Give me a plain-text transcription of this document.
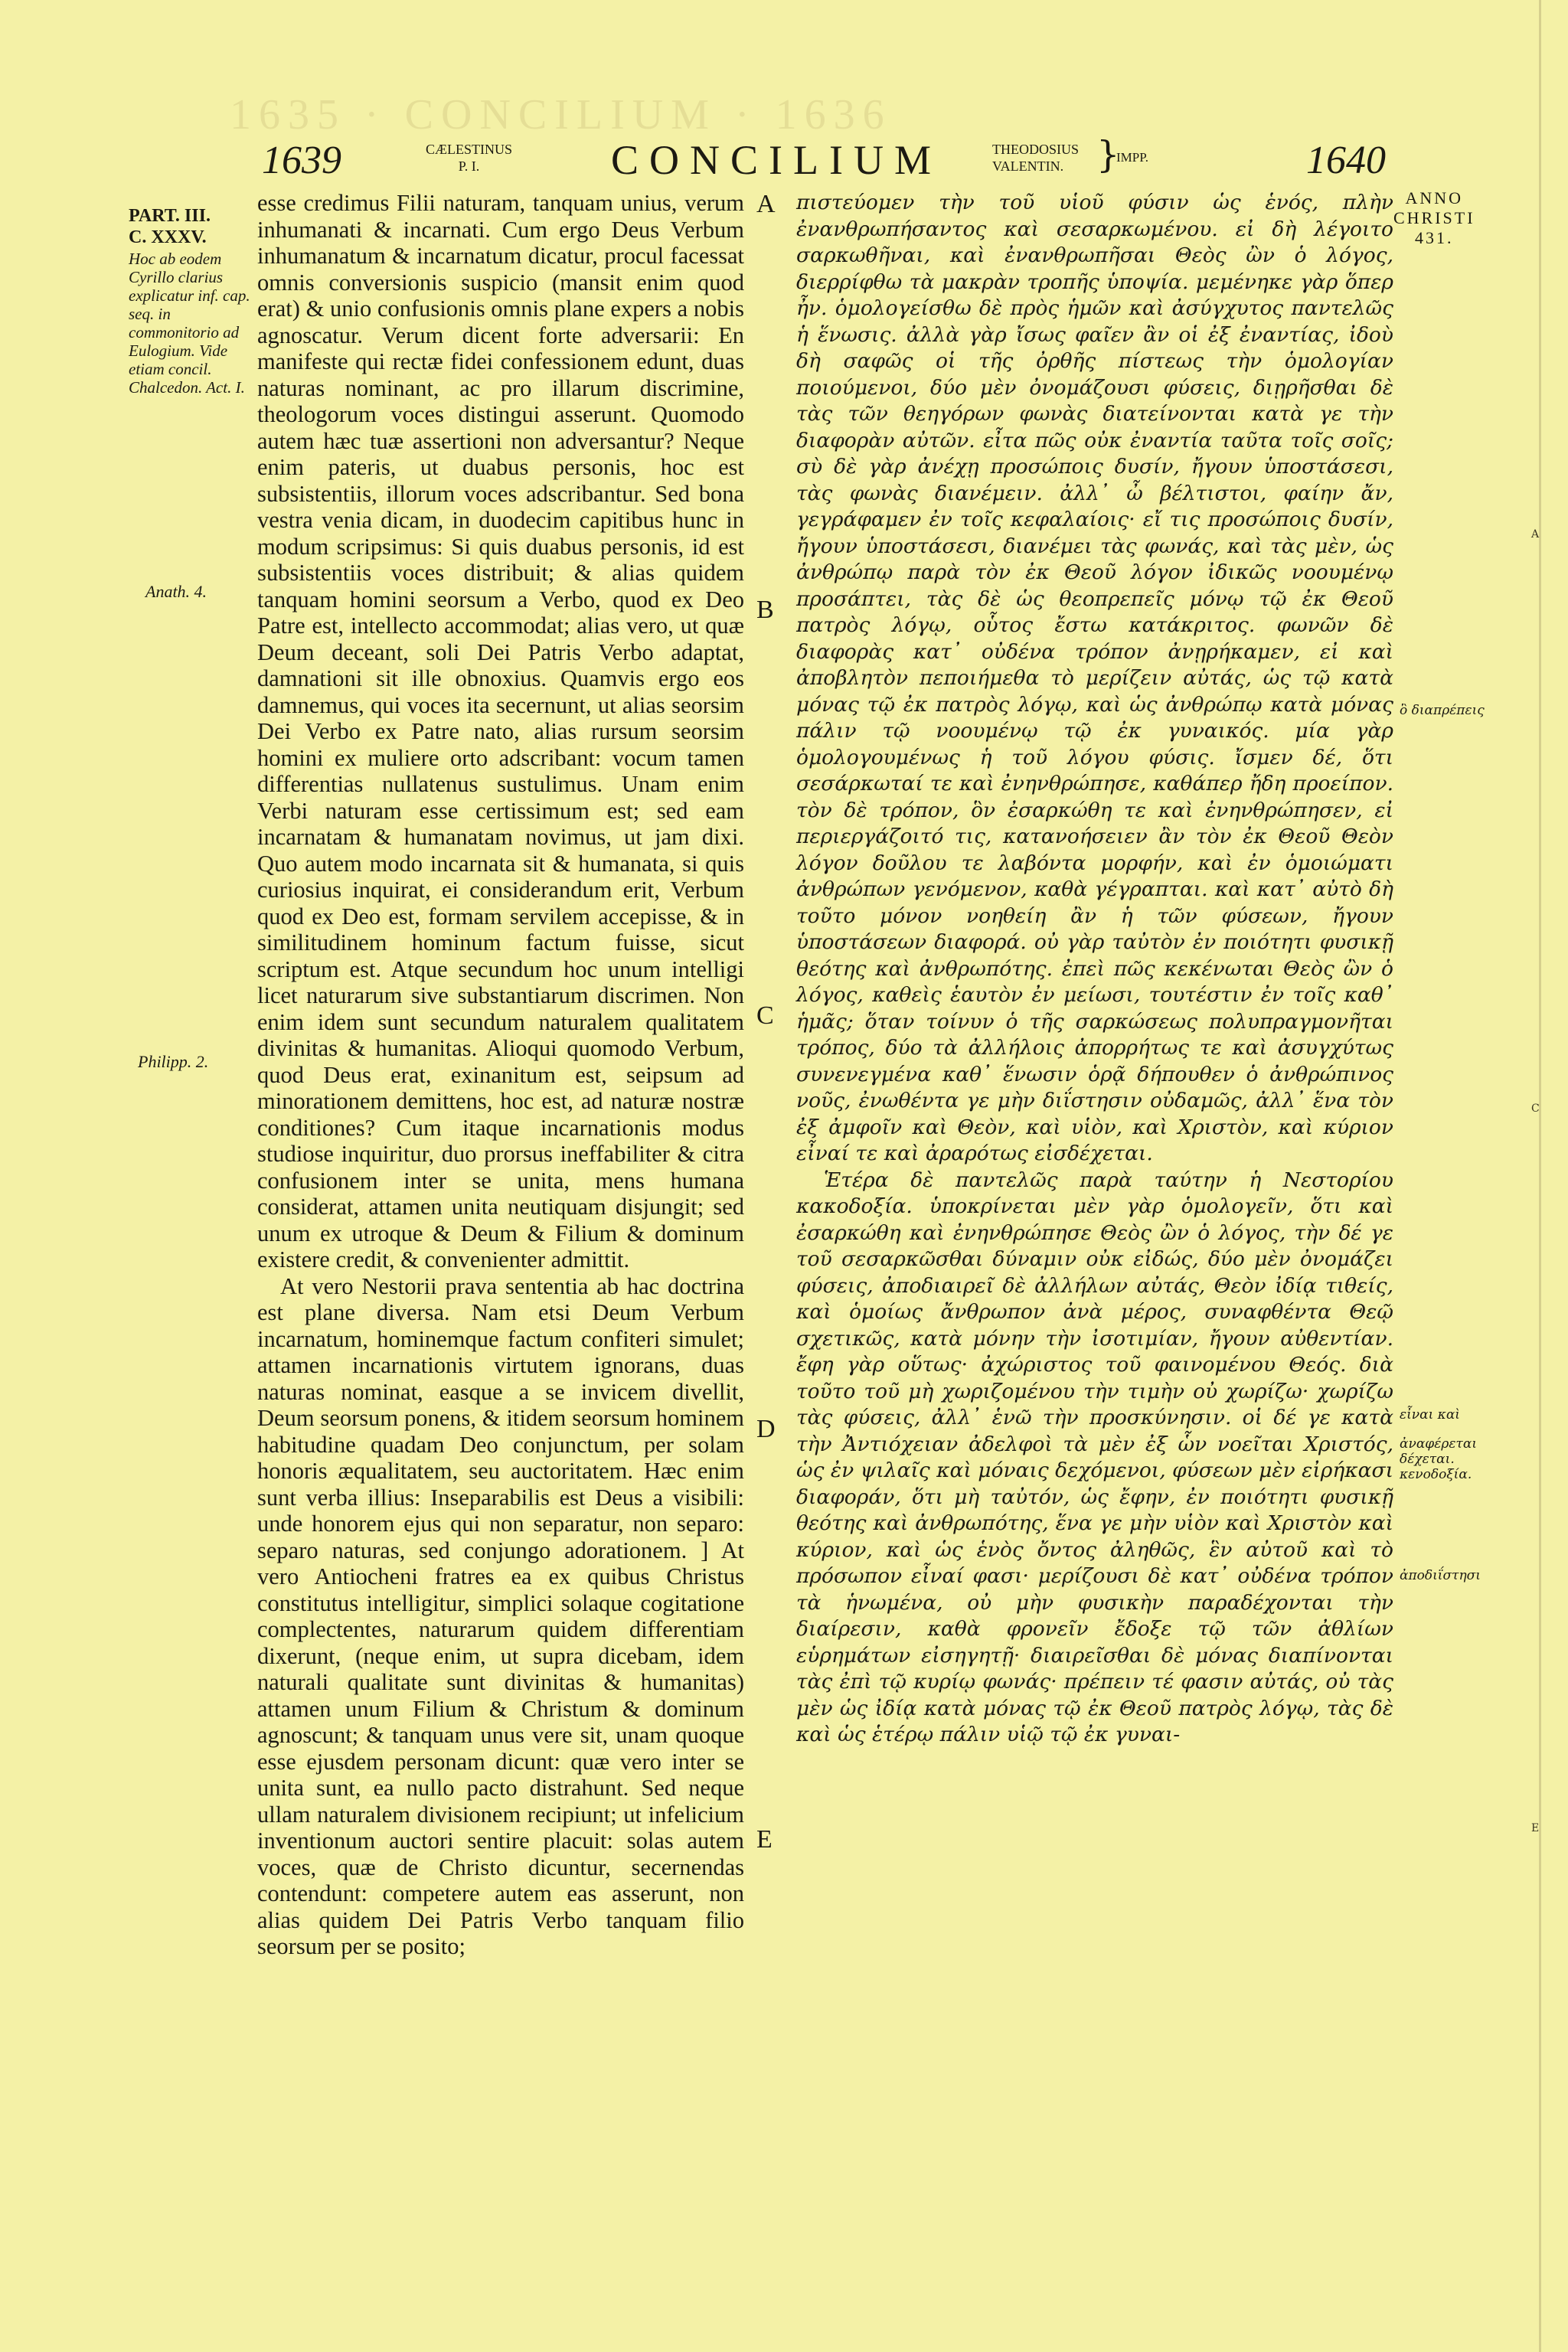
1635 · CONCILIUM · 1636
1639	CÆLESTINUS
P. I.	CONCILIUM	THEODOSIUS
VALENTIN. }
IMPP.	1640
ANNO
CHRISTI
431.
PART. III.
C. XXXV.
Hoc ab eodem Cyrillo clarius explicatur inf. cap. seq. in commonitorio ad Eulogium. Vide etiam concil. Chalcedon. Act. I.
Anath. 4.
Philipp. 2.

esse credimus Filii naturam, tanquam unius, verum inhumanati & incarnati. Cum ergo Deus Verbum inhumanatum & incarnatum dicatur, procul facessat omnis conversionis suspicio (mansit enim quod erat) & unio confusionis omnis plane expers a nobis agnoscatur. Verum dicent forte adversarii: En manifeste qui rectæ fidei confessionem edunt, duas naturas nominant, ac pro illarum discrimine, theologorum voces distingui asserunt. Quomodo autem hæc tuæ assertioni non adversantur? Neque enim pateris, ut duabus personis, hoc est subsistentiis, illorum voces adscribantur. Sed bona vestra venia dicam, in duodecim capitibus hunc in modum scripsimus: Si quis duabus personis, id est subsistentiis voces distribuit; & alias quidem tanquam homini seorsum a Verbo, quod ex Deo Patre est, intellecto accommodat; alias vero, ut quæ Deum deceant, soli Dei Patris Verbo adaptat, damnationi sit ille obnoxius. Quamvis ergo eos damnemus, qui voces ita secernunt, ut alias seorsim Dei Verbo ex Patre nato, alias rursum seorsim homini ex muliere orto adscribant: vocum tamen differentias nullatenus sustulimus. Unam enim Verbi naturam esse certissimum est; sed eam incarnatam & humanatam novimus, ut jam dixi. Quo autem modo incarnata sit & humanata, si quis curiosius inquirat, ei considerandum erit, Verbum quod ex Deo est, formam servilem accepisse, & in similitudinem hominum factum fuisse, sicut scriptum est. Atque secundum hoc unum intelligi licet naturarum sive substantiarum discrimen. Non enim idem sunt secundum naturalem qualitatem divinitas & humanitas. Alioqui quomodo Verbum, quod Deus erat, exinanitum est, seipsum ad minorationem demittens, hoc est, ad naturæ nostræ conditiones? Cum itaque incarnationis modus studiose inquiritur, duo prorsus ineffabiliter & citra confusionem inter se unita, mens humana considerat, attamen unita neutiquam disjungit; sed unum ex utroque & Deum & Filium & dominum existere credit, & convenienter admittit.

At vero Nestorii prava sententia ab hac doctrina est plane diversa. Nam etsi Deum Verbum incarnatum, hominemque factum confiteri simulet; attamen incarnationis virtutem ignorans, duas naturas nominat, easque a se invicem divellit, Deum seorsum ponens, & itidem seorsum hominem habitudine quadam Deo conjunctum, per solam honoris æqualitatem, seu auctoritatem. Hæc enim sunt verba illius: Inseparabilis est Deus a visibili: unde honorem ejus qui non separatur, non separo: separo naturas, sed conjungo adorationem. ] At vero Antiocheni fratres ea ex quibus Christus constitutus intelligitur, simplici solaque cogitatione complectentes, naturarum quidem differentiam dixerunt, (neque enim, ut supra dicebam, idem naturali qualitate sunt divinitas & humanitas) attamen unum Filium & Christum & dominum agnoscunt; & tanquam unus vere sit, unam quoque esse ejusdem personam dicunt: quæ vero inter se unita sunt, ea nullo pacto distrahunt. Sed neque ullam naturalem divisionem recipiunt; ut infelicium inventionum auctori sentire placuit: solas autem voces, quæ de Christo dicuntur, secernendas contendunt: competere autem eas asserunt, non alias quidem Dei Patris Verbo tanquam filio seorsum per se posito;

A
B
C
D
E

πιστεύομεν τὴν τοῦ υἱοῦ φύσιν ὡς ἑνός, πλὴν ἐνανθρωπήσαντος καὶ σεσαρκωμένου. εἰ δὴ λέγοιτο σαρκωθῆναι, καὶ ἐνανθρωπῆσαι Θεὸς ὢν ὁ λόγος, διερρίφθω τὰ μακρὰν τροπῆς ὑποψία. μεμένηκε γὰρ ὅπερ ἦν. ὁμολογείσθω δὲ πρὸς ἡμῶν καὶ ἀσύγχυτος παντελῶς ἡ ἕνωσις. ἀλλὰ γὰρ ἴσως φαῖεν ἂν οἱ ἐξ ἐναντίας, ἰδοὺ δὴ σαφῶς οἱ τῆς ὀρθῆς πίστεως τὴν ὁμολογίαν ποιούμενοι, δύο μὲν ὀνομάζουσι φύσεις, διῃρῆσθαι δὲ τὰς τῶν θεηγόρων φωνὰς διατείνονται κατὰ γε τὴν διαφορὰν αὐτῶν. εἶτα πῶς οὐκ ἐναντία ταῦτα τοῖς σοῖς; σὺ δὲ γὰρ ἀνέχῃ προσώποις δυσίν, ἤγουν ὑποστάσεσι, τὰς φωνὰς διανέμειν. ἀλλ᾽ ὦ βέλτιστοι, φαίην ἄν, γεγράφαμεν ἐν τοῖς κεφαλαίοις· εἴ τις προσώποις δυσίν, ἤγουν ὑποστάσεσι, διανέμει τὰς φωνάς, καὶ τὰς μὲν, ὡς ἀνθρώπῳ παρὰ τὸν ἐκ Θεοῦ λόγον ἰδικῶς νοουμένῳ προσάπτει, τὰς δὲ ὡς θεοπρεπεῖς μόνῳ τῷ ἐκ Θεοῦ πατρὸς λόγῳ, οὗτος ἔστω κατάκριτος. φωνῶν δὲ διαφορὰς κατ᾽ οὐδένα τρόπον ἀνῃρήκαμεν, εἰ καὶ ἀποβλητὸν πεποιήμεθα τὸ μερίζειν αὐτάς, ὡς τῷ κατὰ μόνας τῷ ἐκ πατρὸς λόγῳ, καὶ ὡς ἀνθρώπῳ κατὰ μόνας πάλιν τῷ νοουμένῳ τῷ ἐκ γυναικός. μία γὰρ ὁμολογουμένως ἡ τοῦ λόγου φύσις. ἴσμεν δέ, ὅτι σεσάρκωταί τε καὶ ἐνηνθρώπησε, καθάπερ ἤδη προείπον. τὸν δὲ τρόπον, ὃν ἐσαρκώθη τε καὶ ἐνηνθρώπησεν, εἰ περιεργάζοιτό τις, κατανοήσειεν ἂν τὸν ἐκ Θεοῦ Θεὸν λόγον δοῦλου τε λαβόντα μορφήν, καὶ ἐν ὁμοιώματι ἀνθρώπων γενόμενον, καθὰ γέγραπται. καὶ κατ᾽ αὐτὸ δὴ τοῦτο μόνον νοηθείη ἂν ἡ τῶν φύσεων, ἤγουν ὑποστάσεων διαφορά. οὐ γὰρ ταὐτὸν ἐν ποιότητι φυσικῇ θεότης καὶ ἀνθρωπότης. ἐπεὶ πῶς κεκένωται Θεὸς ὢν ὁ λόγος, καθεὶς ἑαυτὸν ἐν μείωσι, τουτέστιν ἐν τοῖς καθ᾽ ἡμᾶς; ὅταν τοίνυν ὁ τῆς σαρκώσεως πολυπραγμονῆται τρόπος, δύο τὰ ἀλλήλοις ἀπορρήτως τε καὶ ἀσυγχύτως συνενεγμένα καθ᾽ ἕνωσιν ὁρᾷ δήπουθεν ὁ ἀνθρώπινος νοῦς, ἐνωθέντα γε μὴν διΐστησιν οὐδαμῶς, ἀλλ᾽ ἕνα τὸν ἐξ ἀμφοῖν καὶ Θεὸν, καὶ υἱὸν, καὶ Χριστὸν, καὶ κύριον εἶναί τε καὶ ἀραρότως εἰσδέχεται.

Ἑτέρα δὲ παντελῶς παρὰ ταύτην ἡ Νεστορίου κακοδοξία. ὑποκρίνεται μὲν γὰρ ὁμολογεῖν, ὅτι καὶ ἐσαρκώθη καὶ ἐνηνθρώπησε Θεὸς ὢν ὁ λόγος, τὴν δέ γε τοῦ σεσαρκῶσθαι δύναμιν οὐκ εἰδώς, δύο μὲν ὀνομάζει φύσεις, ἀποδιαιρεῖ δὲ ἀλλήλων αὐτάς, Θεὸν ἰδίᾳ τιθείς, καὶ ὁμοίως ἄνθρωπον ἀνὰ μέρος, συναφθέντα Θεῷ σχετικῶς, κατὰ μόνην τὴν ἰσοτιμίαν, ἤγουν αὐθεντίαν. ἔφη γὰρ οὕτως· ἀχώριστος τοῦ φαινομένου Θεός. διὰ τοῦτο τοῦ μὴ χωριζομένου τὴν τιμὴν οὐ χωρίζω· χωρίζω τὰς φύσεις, ἀλλ᾽ ἑνῶ τὴν προσκύνησιν. οἱ δέ γε κατὰ τὴν Ἀντιόχειαν ἀδελφοὶ τὰ μὲν ἐξ ὧν νοεῖται Χριστός, ὡς ἐν ψιλαῖς καὶ μόναις δεχόμενοι, φύσεων μὲν εἰρήκασι διαφοράν, ὅτι μὴ ταὐτόν, ὡς ἔφην, ἐν ποιότητι φυσικῇ θεότης καὶ ἀνθρωπότης, ἕνα γε μὴν υἱὸν καὶ Χριστὸν καὶ κύριον, καὶ ὡς ἑνὸς ὄντος ἀληθῶς, ἓν αὐτοῦ καὶ τὸ πρόσωπον εἶναί φασι· μερίζουσι δὲ κατ᾽ οὐδένα τρόπον τὰ ἡνωμένα, οὐ μὴν φυσικὴν παραδέχονται τὴν διαίρεσιν, καθὰ φρονεῖν ἔδοξε τῷ τῶν ἀθλίων εὑρημάτων εἰσηγητῇ· διαιρεῖσθαι δὲ μόνας διαπίνονται τὰς ἐπὶ τῷ κυρίῳ φωνάς· πρέπειν τέ φασιν αὐτάς, οὐ τὰς μὲν ὡς ἰδίᾳ κατὰ μόνας τῷ ἐκ Θεοῦ πατρὸς λόγῳ, τὰς δὲ καὶ ὡς ἑτέρῳ πάλιν υἱῷ τῷ ἐκ γυναι-

ὃ διαπρέπεις
εἶναι καὶ
ἀναφέρεται δέχεται. κενοδοξία.
ἀποδιΐστησι
A
C
E
